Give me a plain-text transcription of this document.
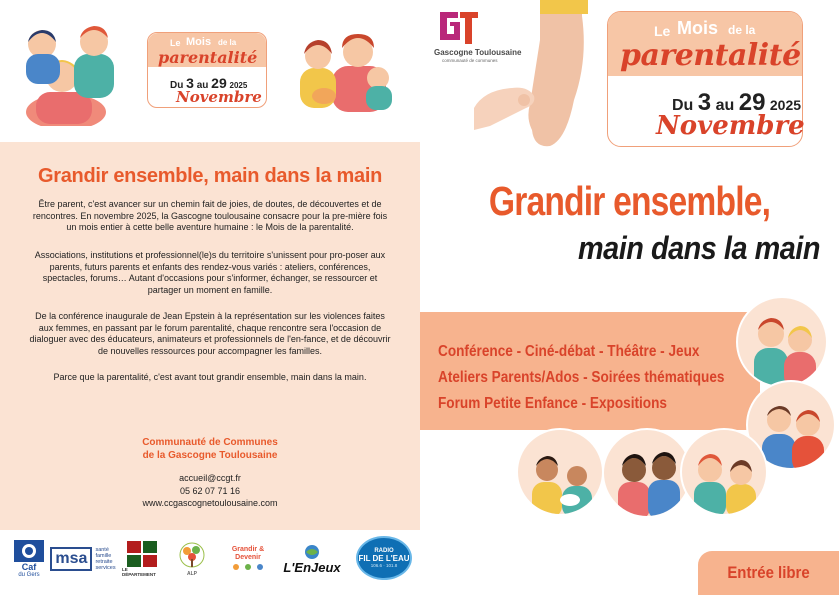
Le Mois de la
parentalité
Du 3 au 29 2025
Novembre
Grandir ensemble, main dans la main

Être parent, c'est avancer sur un chemin fait de joies, de doutes, de découvertes et de rencontres. En novembre 2025, la Gascogne toulousaine consacre pour la pre-mière fois un mois entier à cette belle aventure humaine : le Mois de la parentalité.

Associations, institutions et professionnel(le)s du territoire s'unissent pour pro-poser aux parents, futurs parents et enfants des rendez-vous variés : ateliers, conférences, spectacles, forums… Autant d'occasions pour s'informer, échanger, se ressourcer et partager un moment en famille.

De la conférence inaugurale de Jean Epstein à la représentation sur les violences faites aux femmes, en passant par le forum parentalité, chaque rencontre sera l'occasion de dialoguer avec des éducateurs, animateurs et professionnels de l'en-fance, et de découvrir de nouvelles ressources pour accompagner les familles.

Parce que la parentalité, c'est avant tout grandir ensemble, main dans la main.

Communauté de Communes
de la Gascogne Toulousaine
accueil@ccgt.fr
05 62 07 71 16
www.ccgascognetoulousaine.com
Caf
du Gers
msa	santé famille retraite services LE DÉPARTEMENT	ALP
Grandir & Devenir
L'EnJeux
RADIO
FIL DE L'EAU
106.6 · 101.8
Gascogne Toulousaine
communauté de communes
Le Mois de la
parentalité
Du 3 au 29 2025
Novembre
Grandir ensemble,
main dans la main
Conférence - Ciné-débat - Théâtre - Jeux
Ateliers Parents/Ados - Soirées thématiques
Forum Petite Enfance - Expositions
Entrée libre
